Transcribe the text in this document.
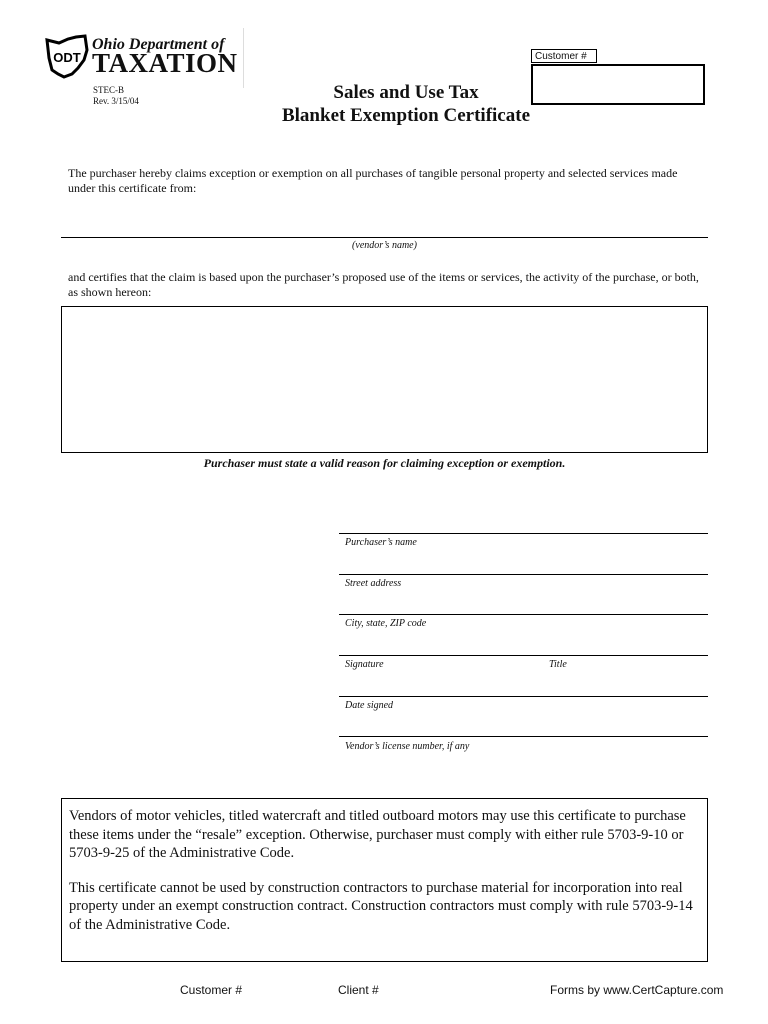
ODT
Ohio Department of
TAXATION
STEC-B
Rev. 3/15/04	Sales and Use Tax
Blanket Exemption Certificate
Customer #
The purchaser hereby claims exception or exemption on all purchases of tangible personal property and selected services made under this certificate from:
(vendor’s name)
and certifies that the claim is based upon the purchaser’s proposed use of the items or services, the activity of the purchase, or both, as shown hereon:
Purchaser must state a valid reason for claiming exception or exemption.
Purchaser’s name
Street address
City, state, ZIP code
Signature	Title
Date signed
Vendor’s license number, if any

Vendors of motor vehicles, titled watercraft and titled outboard motors may use this certificate to purchase these items under the “resale” exception. Otherwise, purchaser must comply with either rule 5703-9-10 or 5703-9-25 of the Administrative Code.

This certificate cannot be used by construction contractors to purchase material for incorporation into real property under an exempt construction contract. Construction contractors must comply with rule 5703-9-14 of the Administrative Code.

Customer #	Client #	Forms by www.CertCapture.com
